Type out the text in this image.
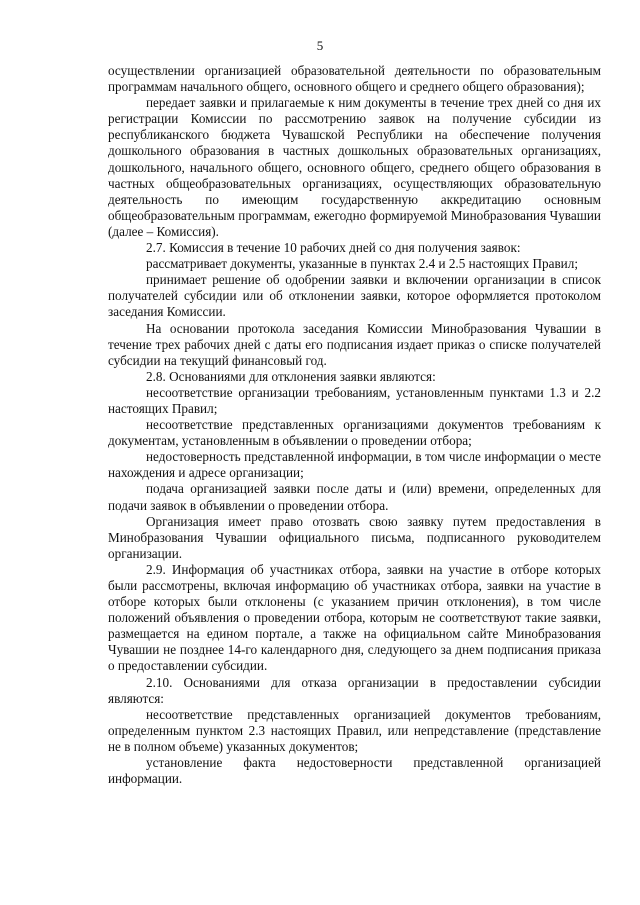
5

осуществлении организацией образовательной деятельности по образовательным программам начального общего, основного общего и среднего общего образования);

передает заявки и прилагаемые к ним документы в течение трех дней со дня их регистрации Комиссии по рассмотрению заявок на получение субсидии из республиканского бюджета Чувашской Республики на обеспечение получения дошкольного образования в частных дошкольных образовательных организациях, дошкольного, начального общего, основного общего, среднего общего образования в частных общеобразовательных организациях, осуществляющих образовательную деятельность по имеющим государственную аккредитацию основным общеобразовательным программам, ежегодно формируемой Минобразования Чувашии (далее – Комиссия).

2.7. Комиссия в течение 10 рабочих дней со дня получения заявок:

рассматривает документы, указанные в пунктах 2.4 и 2.5 настоящих Правил;

принимает решение об одобрении заявки и включении организации в список получателей субсидии или об отклонении заявки, которое оформляется протоколом заседания Комиссии.

На основании протокола заседания Комиссии Минобразования Чувашии в течение трех рабочих дней с даты его подписания издает приказ о списке получателей субсидии на текущий финансовый год.

2.8. Основаниями для отклонения заявки являются:

несоответствие организации требованиям, установленным пунктами 1.3 и 2.2 настоящих Правил;

несоответствие представленных организациями документов требованиям к документам, установленным в объявлении о проведении отбора;

недостоверность представленной информации, в том числе информации о месте нахождения и адресе организации;

подача организацией заявки после даты и (или) времени, определенных для подачи заявок в объявлении о проведении отбора.

Организация имеет право отозвать свою заявку путем предоставления в Минобразования Чувашии официального письма, подписанного руководителем организации.

2.9. Информация об участниках отбора, заявки на участие в отборе которых были рассмотрены, включая информацию об участниках отбора, заявки на участие в отборе которых были отклонены (с указанием причин отклонения), в том числе положений объявления о проведении отбора, которым не соответствуют такие заявки, размещается на едином портале, а также на официальном сайте Минобразования Чувашии не позднее 14-го календарного дня, следующего за днем подписания приказа о предоставлении субсидии.

2.10. Основаниями для отказа организации в предоставлении субсидии являются:

несоответствие представленных организацией документов требованиям, определенным пунктом 2.3 настоящих Правил, или непредставление (представление не в полном объеме) указанных документов;

установление факта недостоверности представленной организацией информации.
